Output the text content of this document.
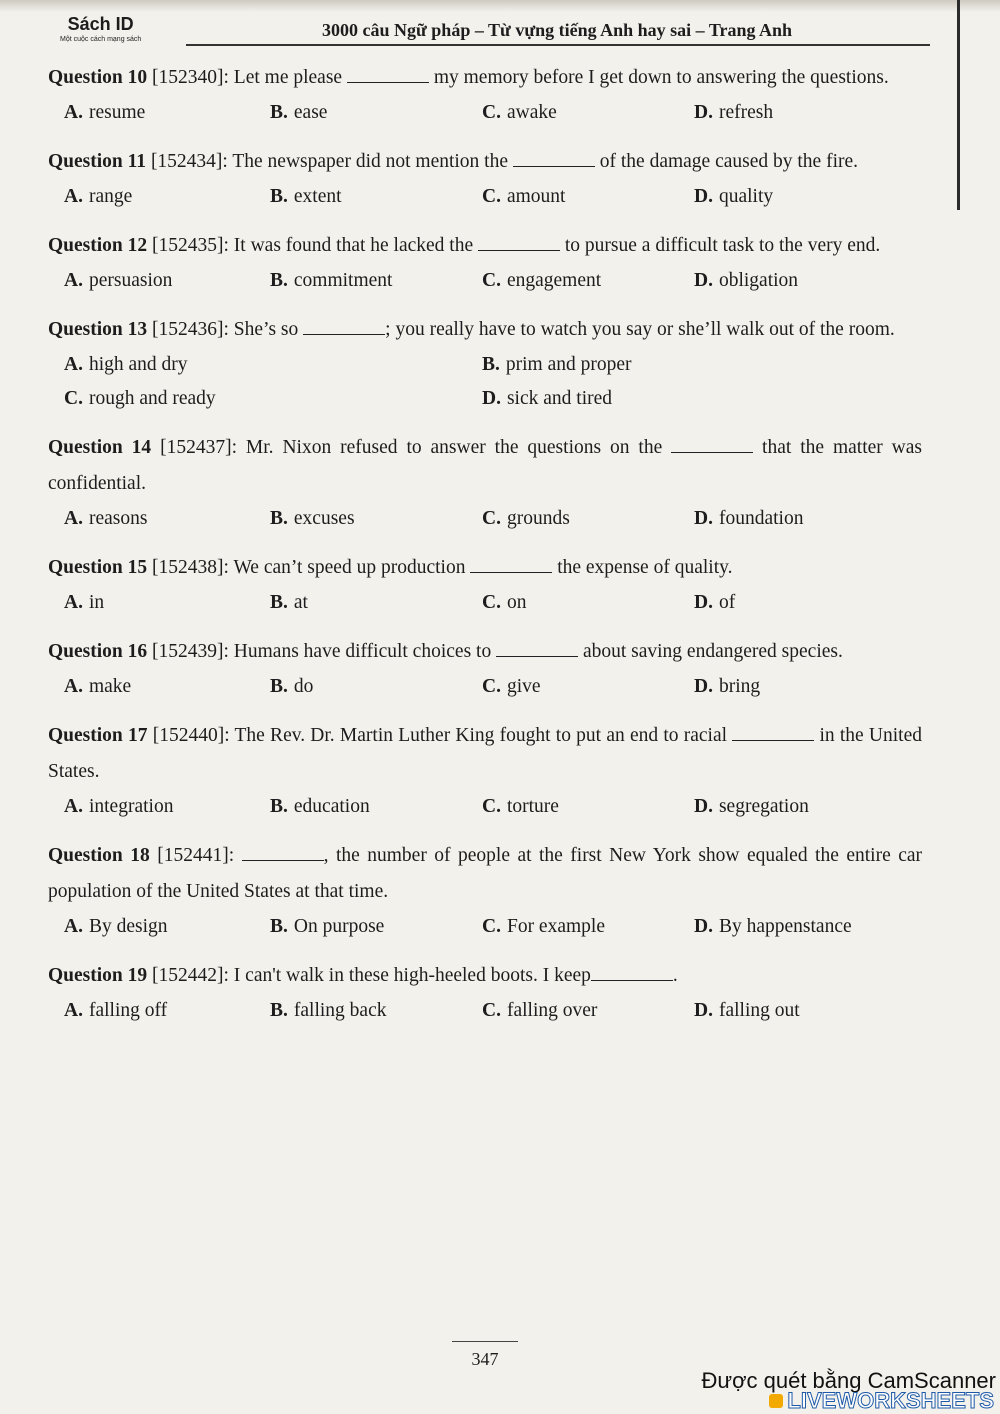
Sách ID
Một cuộc cách mạng sách	3000 câu Ngữ pháp – Từ vựng tiếng Anh hay sai – Trang Anh
Question 10 [152340]: Let me please	my memory before I get down to answering the questions.
A. resume	B. ease	C. awake	D. refresh
Question 11 [152434]: The newspaper did not mention the	of the damage caused by the fire.
A. range	B. extent	C. amount	D. quality
Question 12 [152435]: It was found that he lacked the	to pursue a difficult task to the very end.
A. persuasion	B. commitment	C. engagement	D. obligation
Question 13 [152436]: She’s so	; you really have to watch you say or she’ll walk out of the room.
A. high and dry	B. prim and proper
C. rough and ready	D. sick and tired
Question 14 [152437]: Mr. Nixon refused to answer the questions on the	that the matter was confidential.
A. reasons	B. excuses	C. grounds	D. foundation
Question 15 [152438]: We can’t speed up production	the expense of quality.
A. in	B. at	C. on	D. of
Question 16 [152439]: Humans have difficult choices to	about saving endangered species.
A. make	B. do	C. give	D. bring
Question 17 [152440]: The Rev. Dr. Martin Luther King fought to put an end to racial	in the United States.
A. integration	B. education	C. torture	D. segregation
Question 18 [152441]:	, the number of people at the first New York show equaled the entire car population of the United States at that time.
A. By design	B. On purpose	C. For example	D. By happenstance
Question 19 [152442]: I can't walk in these high-heeled boots. I keep	.
A. falling off	B. falling back	C. falling over	D. falling out
347
Được quét bằng CamScanner
LIVEWORKSHEETS
